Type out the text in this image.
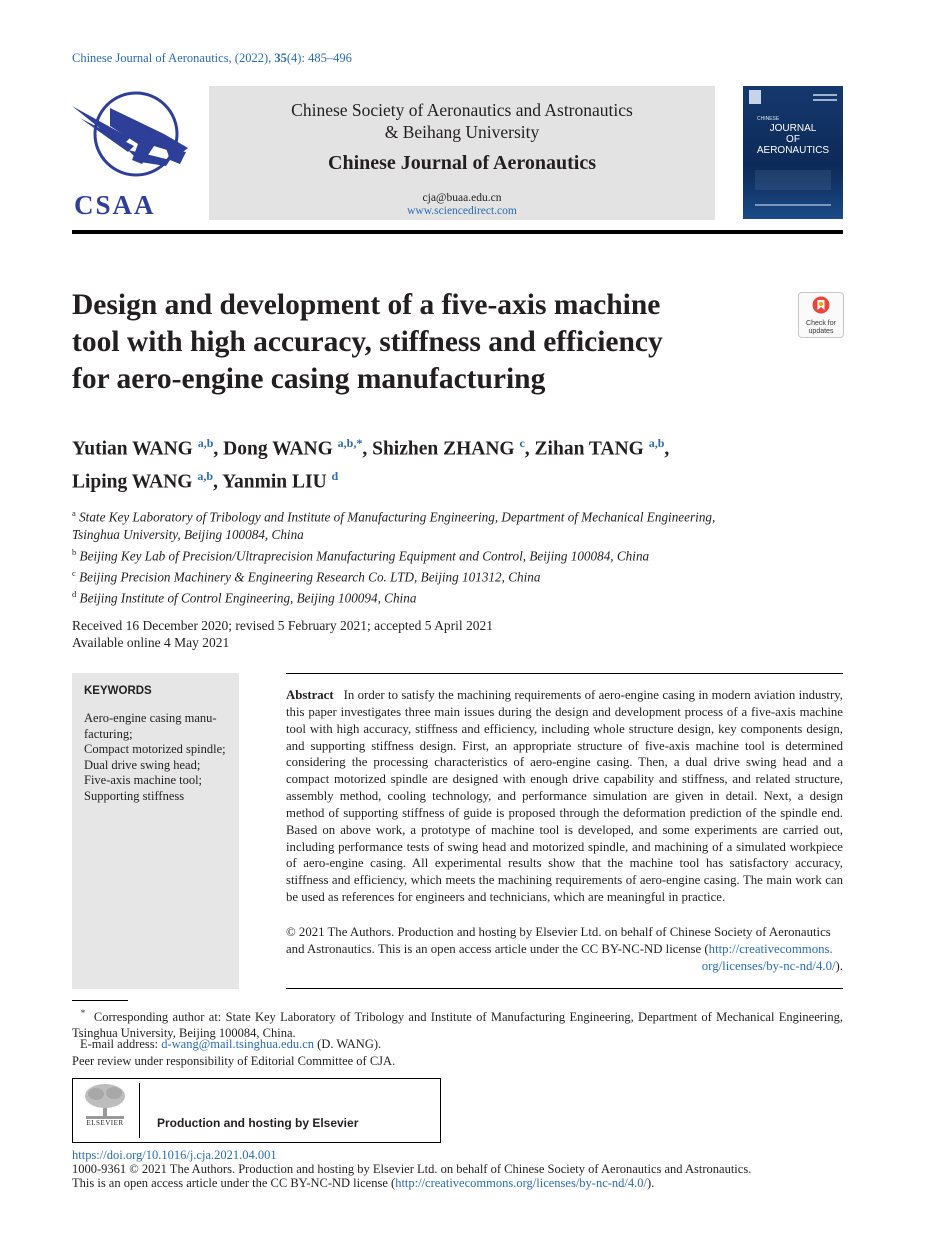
Chinese Journal of Aeronautics, (2022), 35(4): 485–496
CSAA
Chinese Society of Aeronautics and Astronautics
& Beihang University
Chinese Journal of Aeronautics
cja@buaa.edu.cn
www.sciencedirect.com
CHINESE
JOURNAL
OF
AERONAUTICS
Design and development of a five-axis machine
tool with high accuracy, stiffness and efficiency
for aero-engine casing manufacturing
Check for
updates
Yutian WANG $^{a,b}$, Dong WANG $^{a,b,*}$, Shizhen ZHANG $^c$, Zihan TANG $^{a,b}$,
Liping WANG $^{a,b}$, Yanmin LIU $^d$
$^a$ State Key Laboratory of Tribology and Institute of Manufacturing Engineering, Department of Mechanical Engineering,
Tsinghua University, Beijing 100084, China
$^b$ Beijing Key Lab of Precision/Ultraprecision Manufacturing Equipment and Control, Beijing 100084, China
$^c$ Beijing Precision Machinery & Engineering Research Co. LTD, Beijing 101312, China
$^d$ Beijing Institute of Control Engineering, Beijing 100094, China
Received 16 December 2020; revised 5 February 2021; accepted 5 April 2021
Available online 4 May 2021
KEYWORDS
Aero-engine casing manu-
facturing;
Compact motorized spindle;
Dual drive swing head;
Five-axis machine tool;
Supporting stiffness
Abstract In order to satisfy the machining requirements of aero-engine casing in modern aviation industry, this paper investigates three main issues during the design and development process of a five-axis machine tool with high accuracy, stiffness and efficiency, including whole structure design, key components design, and supporting stiffness design. First, an appropriate structure of five-axis machine tool is determined considering the processing characteristics of aero-engine casing. Then, a dual drive swing head and a compact motorized spindle are designed with enough drive capability and stiffness, and related structure, assembly method, cooling technology, and performance simulation are given in detail. Next, a design method of supporting stiffness of guide is proposed through the deformation prediction of the spindle end. Based on above work, a prototype of machine tool is developed, and some experiments are carried out, including performance tests of swing head and motorized spindle, and machining of a simulated workpiece of aero-engine casing. All experimental results show that the machine tool has satisfactory accuracy, stiffness and efficiency, which meets the machining requirements of aero-engine casing. The main work can be used as references for engineers and technicians, which are meaningful in practice.
© 2021 The Authors. Production and hosting by Elsevier Ltd. on behalf of Chinese Society of Aeronautics
and Astronautics. This is an open access article under the CC BY-NC-ND license (http://creativecommons.
org/licenses/by-nc-nd/4.0/).
* Corresponding author at: State Key Laboratory of Tribology and Institute of Manufacturing Engineering, Department of Mechanical Engineering, Tsinghua University, Beijing 100084, China.
E-mail address: d-wang@mail.tsinghua.edu.cn (D. WANG).
Peer review under responsibility of Editorial Committee of CJA.
ELSEVIER	Production and hosting by Elsevier
https://doi.org/10.1016/j.cja.2021.04.001
1000-9361 © 2021 The Authors. Production and hosting by Elsevier Ltd. on behalf of Chinese Society of Aeronautics and Astronautics.
This is an open access article under the CC BY-NC-ND license (http://creativecommons.org/licenses/by-nc-nd/4.0/).
